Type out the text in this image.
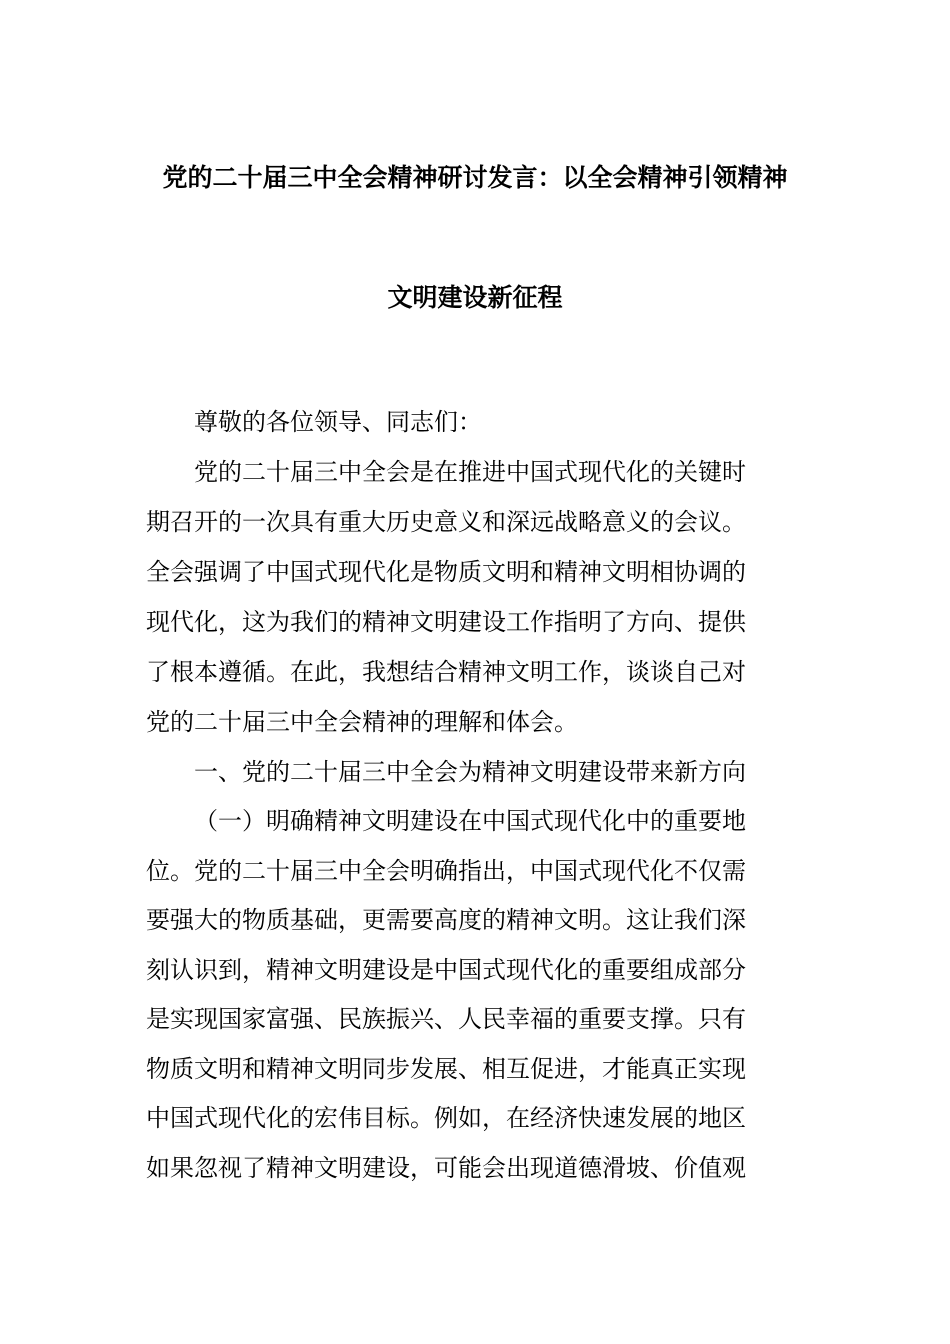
党的二十届三中全会精神研讨发言：以全会精神引领精神
文明建设新征程
尊敬的各位领导、同志们：
党的二十届三中全会是在推进中国式现代化的关键时
期召开的一次具有重大历史意义和深远战略意义的会议。
全会强调了中国式现代化是物质文明和精神文明相协调的
现代化，这为我们的精神文明建设工作指明了方向、提供
了根本遵循。在此，我想结合精神文明工作，谈谈自己对
党的二十届三中全会精神的理解和体会。
一、党的二十届三中全会为精神文明建设带来新方向
（一）明确精神文明建设在中国式现代化中的重要地
位。党的二十届三中全会明确指出，中国式现代化不仅需
要强大的物质基础，更需要高度的精神文明。这让我们深
刻认识到，精神文明建设是中国式现代化的重要组成部分
是实现国家富强、民族振兴、人民幸福的重要支撑。只有
物质文明和精神文明同步发展、相互促进，才能真正实现
中国式现代化的宏伟目标。例如，在经济快速发展的地区
如果忽视了精神文明建设，可能会出现道德滑坡、价值观
